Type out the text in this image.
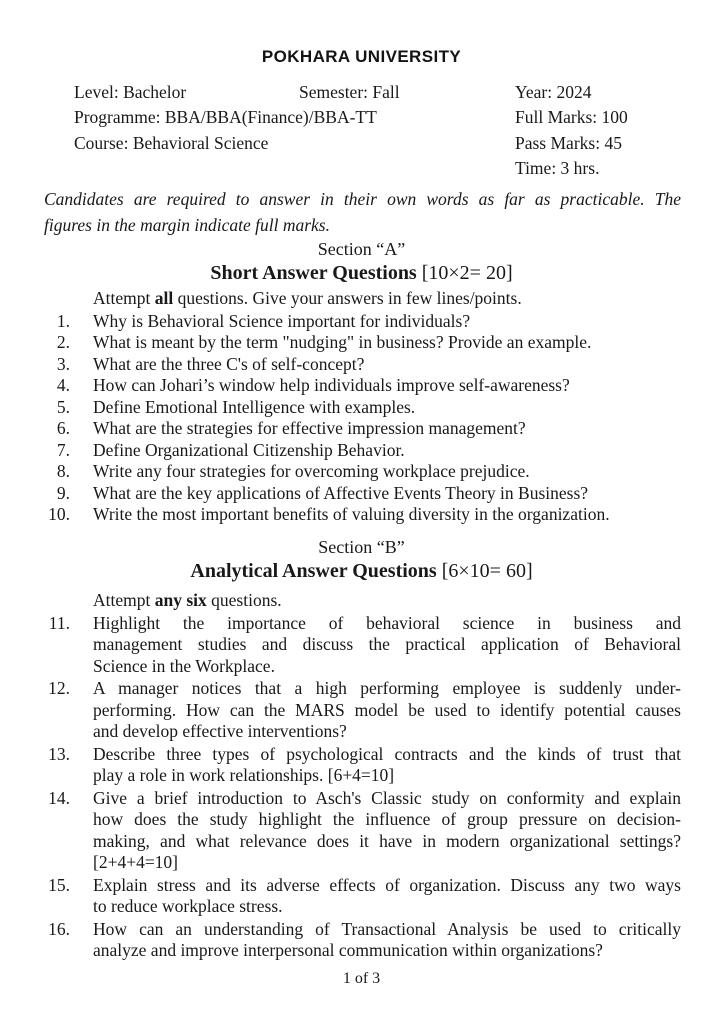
POKHARA UNIVERSITY
Level: Bachelor	Semester: Fall	Year: 2024
Programme: BBA/BBA(Finance)/BBA-TT	Full Marks: 100
Course: Behavioral Science	Pass Marks: 45
Time: 3 hrs.
Candidates are required to answer in their own words as far as practicable. The
figures in the margin indicate full marks.
Section “A”
Short Answer Questions [10×2= 20]

Attempt all questions. Give your answers in few lines/points.

1. Why is Behavioral Science important for individuals?
2. What is meant by the term "nudging" in business? Provide an example.
3. What are the three C's of self-concept?
4. How can Johari’s window help individuals improve self-awareness?
5. Define Emotional Intelligence with examples.
6. What are the strategies for effective impression management?
7. Define Organizational Citizenship Behavior.
8. Write any four strategies for overcoming workplace prejudice.
9. What are the key applications of Affective Events Theory in Business?
10. Write the most important benefits of valuing diversity in the organization.
Section “B”
Analytical Answer Questions [6×10= 60]

Attempt any six questions.

11. Highlight the importance of behavioral science in business and
management studies and discuss the practical application of Behavioral
Science in the Workplace.
12. A manager notices that a high performing employee is suddenly under-
performing. How can the MARS model be used to identify potential causes
and develop effective interventions?
13. Describe three types of psychological contracts and the kinds of trust that
play a role in work relationships. [6+4=10]
14. Give a brief introduction to Asch's Classic study on conformity and explain
how does the study highlight the influence of group pressure on decision-
making, and what relevance does it have in modern organizational settings?
[2+4+4=10]
15. Explain stress and its adverse effects of organization. Discuss any two ways
to reduce workplace stress.
16. How can an understanding of Transactional Analysis be used to critically
analyze and improve interpersonal communication within organizations?
1 of 3
